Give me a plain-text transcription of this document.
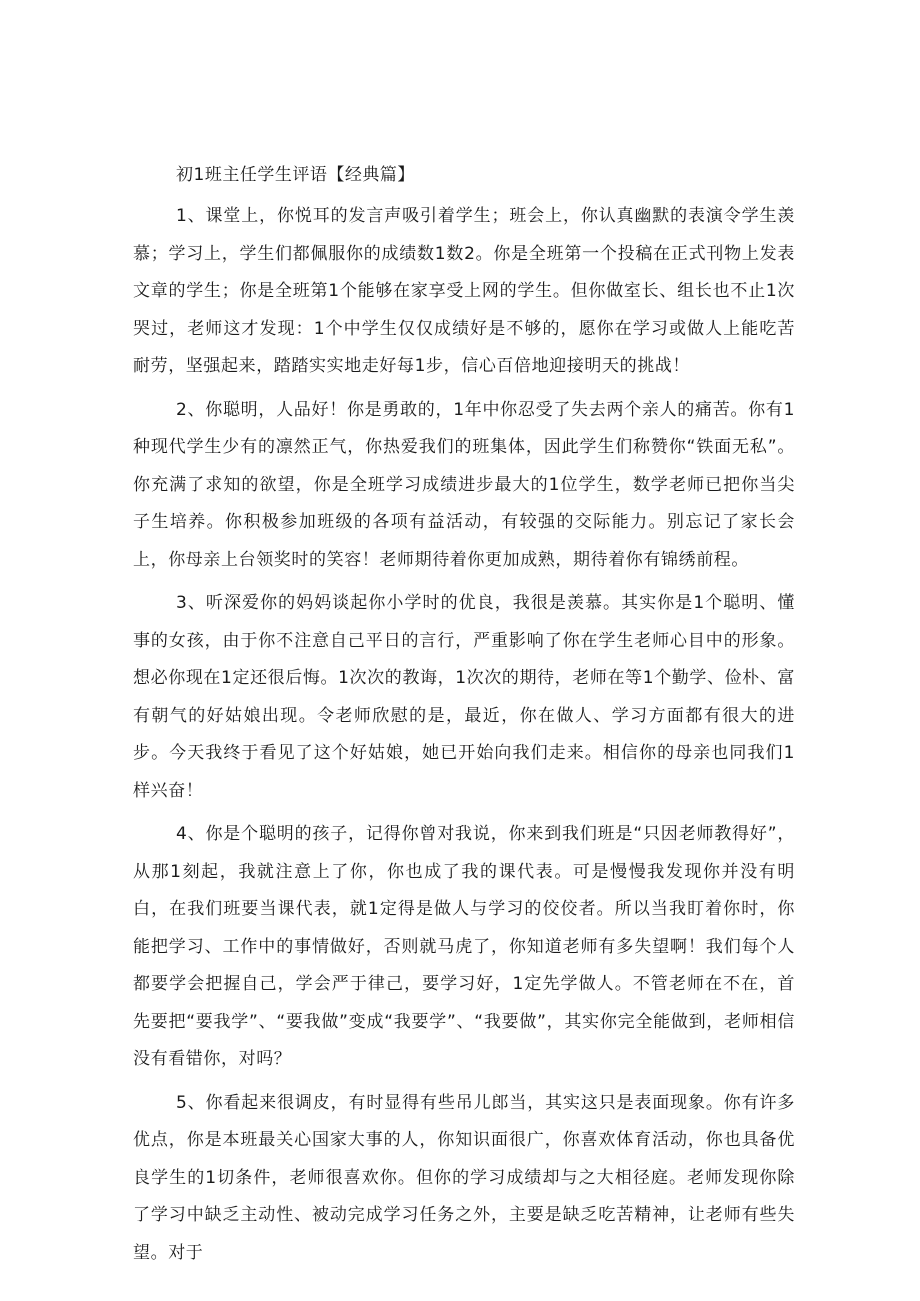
初1班主任学生评语【经典篇】

1、课堂上，你悦耳的发言声吸引着学生；班会上，你认真幽默的表演令学生羡慕；学习上，学生们都佩服你的成绩数1数2。你是全班第一个投稿在正式刊物上发表文章的学生；你是全班第1个能够在家享受上网的学生。但你做室长、组长也不止1次哭过，老师这才发现：1个中学生仅仅成绩好是不够的，愿你在学习或做人上能吃苦耐劳，坚强起来，踏踏实实地走好每1步，信心百倍地迎接明天的挑战！

2、你聪明，人品好！你是勇敢的，1年中你忍受了失去两个亲人的痛苦。你有1种现代学生少有的凛然正气，你热爱我们的班集体，因此学生们称赞你“铁面无私”。你充满了求知的欲望，你是全班学习成绩进步最大的1位学生，数学老师已把你当尖子生培养。你积极参加班级的各项有益活动，有较强的交际能力。别忘记了家长会上，你母亲上台领奖时的笑容！老师期待着你更加成熟，期待着你有锦绣前程。

3、听深爱你的妈妈谈起你小学时的优良，我很是羡慕。其实你是1个聪明、懂事的女孩，由于你不注意自己平日的言行，严重影响了你在学生老师心目中的形象。想必你现在1定还很后悔。1次次的教诲，1次次的期待，老师在等1个勤学、俭朴、富有朝气的好姑娘出现。令老师欣慰的是，最近，你在做人、学习方面都有很大的进步。今天我终于看见了这个好姑娘，她已开始向我们走来。相信你的母亲也同我们1样兴奋！

4、你是个聪明的孩子，记得你曾对我说，你来到我们班是“只因老师教得好”，从那1刻起，我就注意上了你，你也成了我的课代表。可是慢慢我发现你并没有明白，在我们班要当课代表，就1定得是做人与学习的佼佼者。所以当我盯着你时，你能把学习、工作中的事情做好，否则就马虎了，你知道老师有多失望啊！我们每个人都要学会把握自己，学会严于律己，要学习好，1定先学做人。不管老师在不在，首先要把“要我学”、“要我做”变成“我要学”、“我要做”，其实你完全能做到，老师相信没有看错你，对吗？

5、你看起来很调皮，有时显得有些吊儿郎当，其实这只是表面现象。你有许多优点，你是本班最关心国家大事的人，你知识面很广，你喜欢体育活动，你也具备优良学生的1切条件，老师很喜欢你。但你的学习成绩却与之大相径庭。老师发现你除了学习中缺乏主动性、被动完成学习任务之外，主要是缺乏吃苦精神，让老师有些失望。对于
